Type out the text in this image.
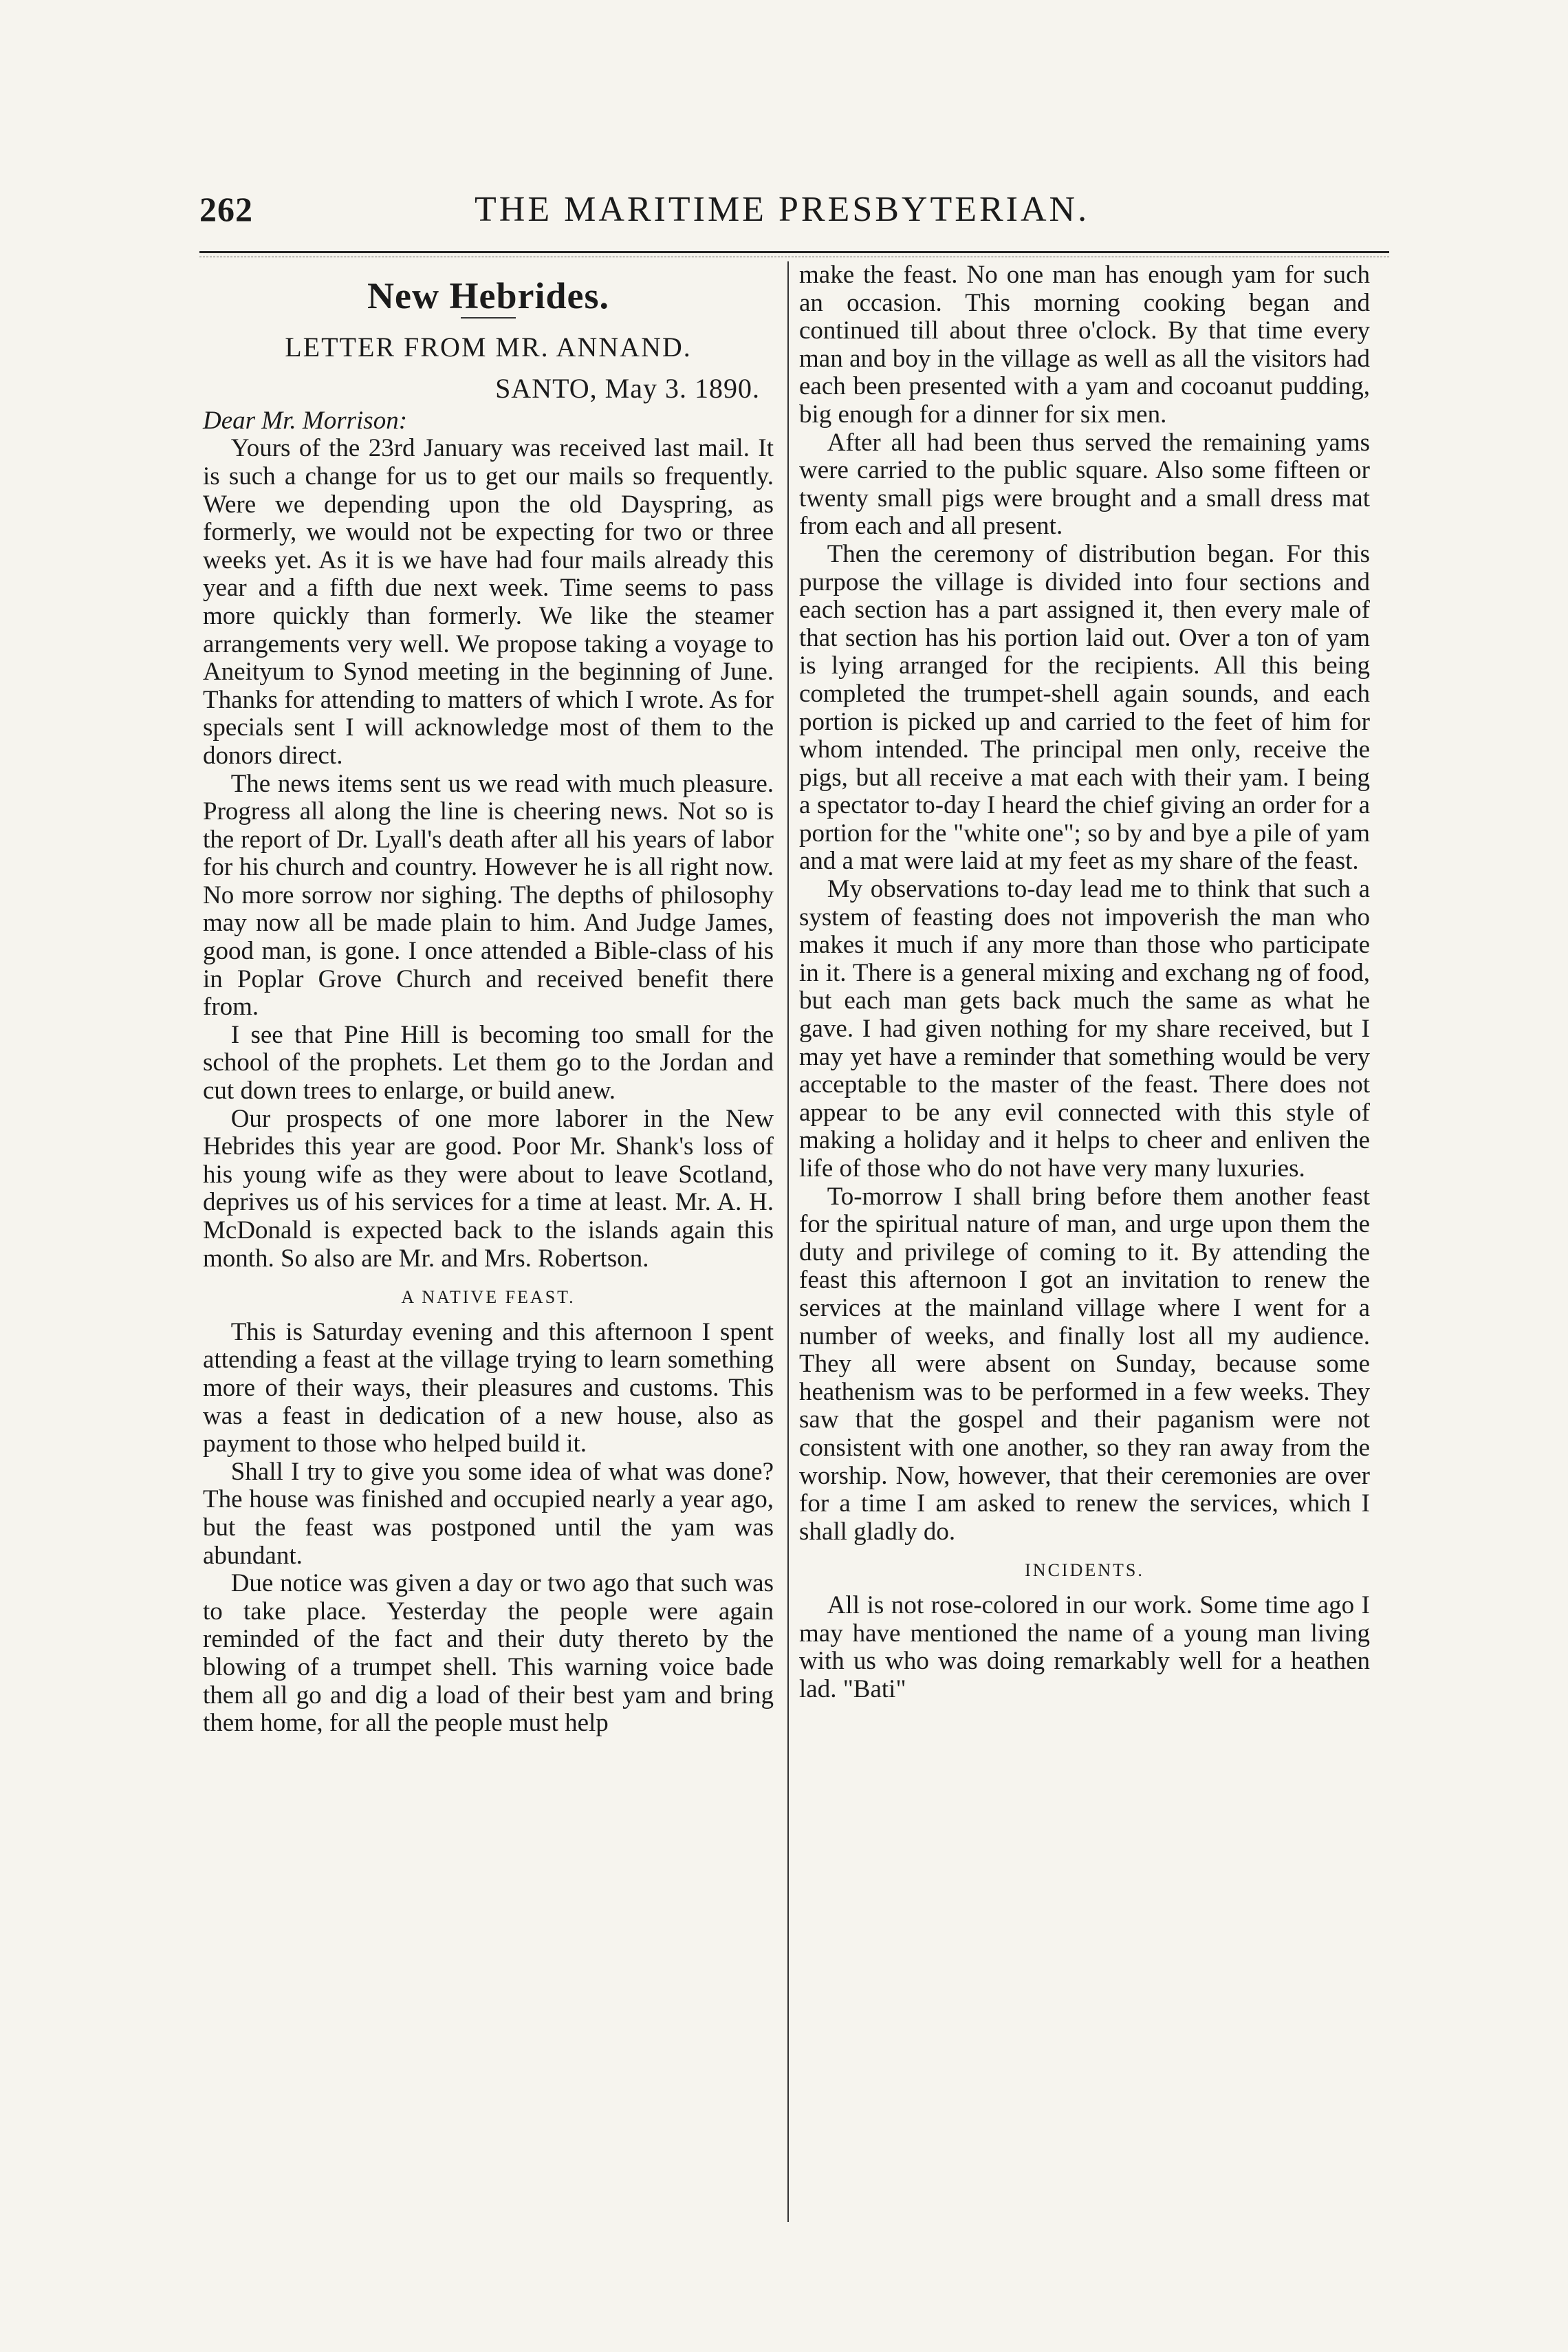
262	THE MARITIME PRESBYTERIAN.
New Hebrides.
LETTER FROM MR. ANNAND.
SANTO, May 3. 1890.

Dear Mr. Morrison:

Yours of the 23rd January was received last mail. It is such a change for us to get our mails so frequently. Were we depending upon the old Dayspring, as formerly, we would not be expecting for two or three weeks yet. As it is we have had four mails already this year and a fifth due next week. Time seems to pass more quickly than formerly. We like the steamer arrangements very well. We propose taking a voyage to Aneityum to Synod meeting in the beginning of June. Thanks for attending to matters of which I wrote. As for specials sent I will acknowledge most of them to the donors direct.

The news items sent us we read with much pleasure. Progress all along the line is cheering news. Not so is the report of Dr. Lyall's death after all his years of labor for his church and country. However he is all right now. No more sorrow nor sighing. The depths of philosophy may now all be made plain to him. And Judge James, good man, is gone. I once attended a Bible-class of his in Poplar Grove Church and received benefit there from.

I see that Pine Hill is becoming too small for the school of the prophets. Let them go to the Jordan and cut down trees to enlarge, or build anew.

Our prospects of one more laborer in the New Hebrides this year are good. Poor Mr. Shank's loss of his young wife as they were about to leave Scotland, deprives us of his services for a time at least. Mr. A. H. McDonald is expected back to the islands again this month. So also are Mr. and Mrs. Robertson.

A NATIVE FEAST.

This is Saturday evening and this afternoon I spent attending a feast at the village trying to learn something more of their ways, their pleasures and customs. This was a feast in dedication of a new house, also as payment to those who helped build it.

Shall I try to give you some idea of what was done? The house was finished and occupied nearly a year ago, but the feast was postponed until the yam was abundant.

Due notice was given a day or two ago that such was to take place. Yesterday the people were again reminded of the fact and their duty thereto by the blowing of a trumpet shell. This warning voice bade them all go and dig a load of their best yam and bring them home, for all the people must help

make the feast. No one man has enough yam for such an occasion. This morning cooking began and continued till about three o'clock. By that time every man and boy in the village as well as all the visitors had each been presented with a yam and cocoanut pudding, big enough for a dinner for six men.

After all had been thus served the remaining yams were carried to the public square. Also some fifteen or twenty small pigs were brought and a small dress mat from each and all present.

Then the ceremony of distribution began. For this purpose the village is divided into four sections and each section has a part assigned it, then every male of that section has his portion laid out. Over a ton of yam is lying arranged for the recipients. All this being completed the trumpet-shell again sounds, and each portion is picked up and carried to the feet of him for whom intended. The principal men only, receive the pigs, but all receive a mat each with their yam. I being a spectator to-day I heard the chief giving an order for a portion for the "white one"; so by and bye a pile of yam and a mat were laid at my feet as my share of the feast.

My observations to-day lead me to think that such a system of feasting does not impoverish the man who makes it much if any more than those who participate in it. There is a general mixing and exchang ng of food, but each man gets back much the same as what he gave. I had given nothing for my share received, but I may yet have a reminder that something would be very acceptable to the master of the feast. There does not appear to be any evil connected with this style of making a holiday and it helps to cheer and enliven the life of those who do not have very many luxuries.

To-morrow I shall bring before them another feast for the spiritual nature of man, and urge upon them the duty and privilege of coming to it. By attending the feast this afternoon I got an invitation to renew the services at the mainland village where I went for a number of weeks, and finally lost all my audience. They all were absent on Sunday, because some heathenism was to be performed in a few weeks. They saw that the gospel and their paganism were not consistent with one another, so they ran away from the worship. Now, however, that their ceremonies are over for a time I am asked to renew the services, which I shall gladly do.

INCIDENTS.

All is not rose-colored in our work. Some time ago I may have mentioned the name of a young man living with us who was doing remarkably well for a heathen lad. "Bati"
